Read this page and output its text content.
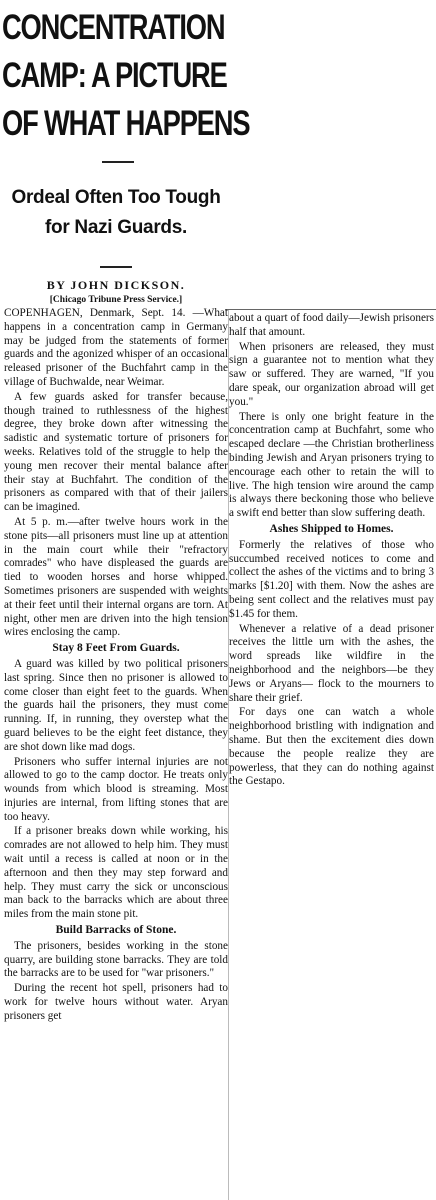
CONCENTRATION
CAMP: A PICTURE
OF WHAT HAPPENS
Ordeal Often Too Tough
for Nazi Guards.
BY JOHN DICKSON.
[Chicago Tribune Press Service.]

COPENHAGEN, Denmark, Sept. 14. —What happens in a concentration camp in Germany may be judged from the statements of former guards and the agonized whisper of an occasional released prisoner of the Buchfahrt camp in the village of Buchwalde, near Weimar.

A few guards asked for transfer because, though trained to ruthlessness of the highest degree, they broke down after witnessing the sadistic and systematic torture of prisoners for weeks. Relatives told of the struggle to help the young men recover their mental balance after their stay at Buchfahrt. The condition of the prisoners as compared with that of their jailers can be imagined.

At 5 p. m.—after twelve hours work in the stone pits—all prisoners must line up at attention in the main court while their "refractory comrades" who have displeased the guards are tied to wooden horses and horse whipped. Sometimes prisoners are suspended with weights at their feet until their internal organs are torn. At night, other men are driven into the high tension wires enclosing the camp.

Stay 8 Feet From Guards.

A guard was killed by two political prisoners last spring. Since then no prisoner is allowed to come closer than eight feet to the guards. When the guards hail the prisoners, they must come running. If, in running, they overstep what the guard believes to be the eight feet distance, they are shot down like mad dogs.

Prisoners who suffer internal injuries are not allowed to go to the camp doctor. He treats only wounds from which blood is streaming. Most injuries are internal, from lifting stones that are too heavy.

If a prisoner breaks down while working, his comrades are not allowed to help him. They must wait until a recess is called at noon or in the afternoon and then they may step forward and help. They must carry the sick or unconscious man back to the barracks which are about three miles from the main stone pit.

Build Barracks of Stone.

The prisoners, besides working in the stone quarry, are building stone barracks. They are told the barracks are to be used for "war prisoners."

During the recent hot spell, prisoners had to work for twelve hours without water. Aryan prisoners get

about a quart of food daily—Jewish prisoners half that amount.

When prisoners are released, they must sign a guarantee not to mention what they saw or suffered. They are warned, "If you dare speak, our organization abroad will get you."

There is only one bright feature in the concentration camp at Buchfahrt, some who escaped declare —the Christian brotherliness binding Jewish and Aryan prisoners trying to encourage each other to retain the will to live. The high tension wire around the camp is always there beckoning those who believe a swift end better than slow suffering death.

Ashes Shipped to Homes.

Formerly the relatives of those who succumbed received notices to come and collect the ashes of the victims and to bring 3 marks [$1.20] with them. Now the ashes are being sent collect and the relatives must pay $1.45 for them.

Whenever a relative of a dead prisoner receives the little urn with the ashes, the word spreads like wildfire in the neighborhood and the neighbors—be they Jews or Aryans— flock to the mourners to share their grief.

For days one can watch a whole neighborhood bristling with indignation and shame. But then the excitement dies down because the people realize they are powerless, that they can do nothing against the Gestapo.
